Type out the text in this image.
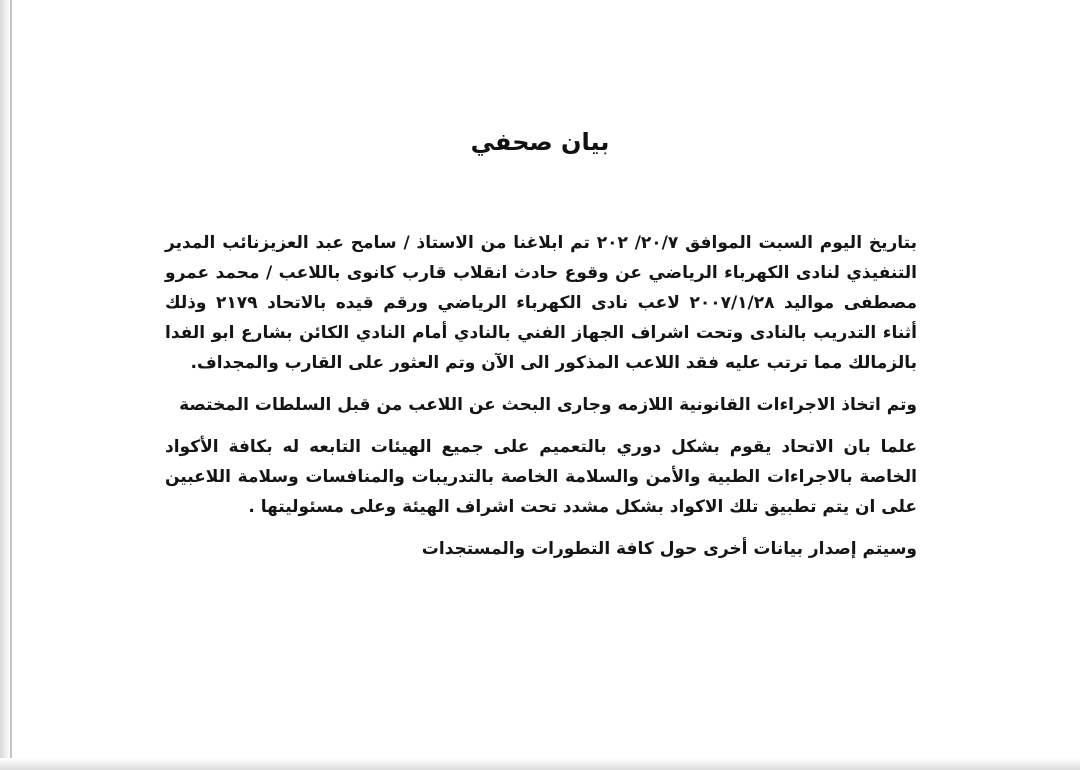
بيان صحفي

بتاريخ اليوم السبت الموافق ٢٠/٧/ ٢٠٢ تم ابلاغنا من الاستاذ / سامح عبد العزيزنائب المدير التنفيذي لنادى الكهرباء الرياضي عن وقوع حادث انقلاب قارب كانوى باللاعب / محمد عمرو مصطفى مواليد ٢٠٠٧/١/٢٨ لاعب نادى الكهرباء الرياضي ورقم قيده بالاتحاد ٢١٧٩ وذلك أثناء التدريب بالنادى وتحت اشراف الجهاز الفني بالنادي أمام النادي الكائن بشارع ابو الفدا بالزمالك مما ترتب عليه فقد اللاعب المذكور الى الآن وتم العثور على القارب والمجداف.

وتم اتخاذ الاجراءات القانونية اللازمه وجارى البحث عن اللاعب من قبل السلطات المختصة

علما بان الاتحاد يقوم بشكل دوري بالتعميم على جميع الهيئات التابعه له بكافة الأكواد الخاصة بالاجراءات الطبية والأمن والسلامة الخاصة بالتدريبات والمنافسات وسلامة اللاعبين على ان يتم تطبيق تلك الاكواد بشكل مشدد تحت اشراف الهيئة وعلى مسئوليتها .

وسيتم إصدار بيانات أخرى حول كافة التطورات والمستجدات
